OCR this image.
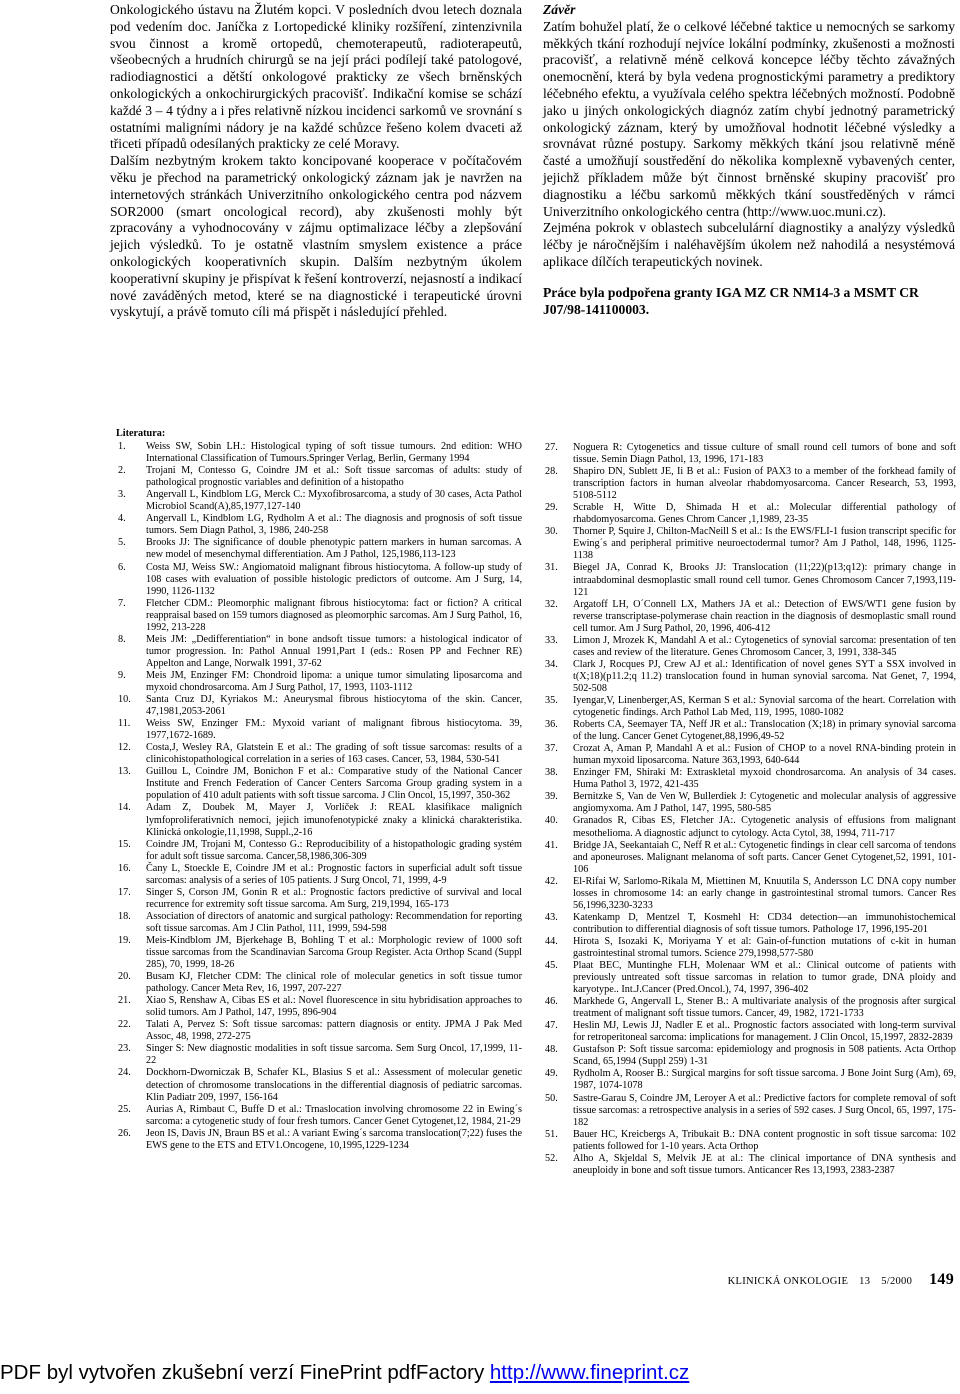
Onkologického ústavu na Žlutém kopci. V posledních dvou letech doznala pod vedením doc. Janíčka z I.ortopedické kliniky rozšíření, zintenzivnila svou činnost a kromě ortopedů, chemoterapeutů, radioterapeutů, všeobecných a hrudních chirurgů se na její práci podílejí také patologové, radiodiagnostici a dětští onkologové prakticky ze všech brněnských onkologických a onkochirurgických pracovišť. Indikační komise se schází každé 3 – 4 týdny a i přes relativně nízkou incidenci sarkomů ve srovnání s ostatními maligními nádory je na každé schůzce řešeno kolem dvaceti až třiceti případů odesílaných prakticky ze celé Moravy.

Dalším nezbytným krokem takto koncipované kooperace v počítačovém věku je přechod na parametrický onkologický záznam jak je navržen na internetových stránkách Univerzitního onkologického centra pod názvem SOR2000 (smart oncological record), aby zkušenosti mohly být zpracovány a vyhodnocovány v zájmu optimalizace léčby a zlepšování jejich výsledků. To je ostatně vlastním smyslem existence a práce onkologických kooperativních skupin. Dalším nezbytným úkolem kooperativní skupiny je přispívat k řešení kontroverzí, nejasností a indikací nové zaváděných metod, které se na diagnostické i terapeutické úrovni vyskytují, a právě tomuto cíli má přispět i následující přehled.

Závěr

Zatím bohužel platí, že o celkové léčebné taktice u nemocných se sarkomy měkkých tkání rozhodují nejvíce lokální podmínky, zkušenosti a možnosti pracovišť, a relativně méně celková koncepce léčby těchto závažných onemocnění, která by byla vedena prognostickými parametry a prediktory léčebného efektu, a využívala celého spektra léčebných možností. Podobně jako u jiných onkologických diagnóz zatím chybí jednotný parametrický onkologický záznam, který by umožňoval hodnotit léčebné výsledky a srovnávat různé postupy. Sarkomy měkkých tkání jsou relativně méně časté a umožňují soustředění do několika komplexně vybavených center, jejichž příkladem může být činnost brněnské skupiny pracovišť pro diagnostiku a léčbu sarkomů měkkých tkání soustředěných v rámci Univerzitního onkologického centra (http://www.uoc.muni.cz).

Zejména pokrok v oblastech subcelulární diagnostiky a analýzy výsledků léčby je náročnějším i naléhavějším úkolem než nahodilá a nesystémová aplikace dílčích terapeutických novinek.

Práce byla podpořena granty IGA MZ CR NM14-3 a MSMT CR J07/98-141100003.

Literatura:

1.	Weiss SW, Sobin LH.: Histological typing of soft tissue tumours. 2nd edition: WHO International Classification of Tumours.Springer Verlag, Berlin, Germany 1994
2.	Trojani M, Contesso G, Coindre JM et al.: Soft tissue sarcomas of adults: study of pathological prognostic variables and definition of a histopatho
3.	Angervall L, Kindblom LG, Merck C.: Myxofibrosarcoma, a study of 30 cases, Acta Pathol Microbiol Scand(A),85,1977,127-140
4.	Angervall L, Kindblom LG, Rydholm A et al.: The diagnosis and prognosis of soft tissue tumors. Sem Diagn Pathol, 3, 1986, 240-258
5.	Brooks JJ: The significance of double phenotypic pattern markers in human sarcomas. A new model of mesenchymal differentiation. Am J Pathol, 125,1986,113-123
6.	Costa MJ, Weiss SW.: Angiomatoid malignant fibrous histiocytoma. A follow-up study of 108 cases with evaluation of possible histologic predictors of outcome. Am J Surg, 14, 1990, 1126-1132
7.	Fletcher CDM.: Pleomorphic malignant fibrous histiocytoma: fact or fiction? A critical reappraisal based on 159 tumors diagnosed as pleomorphic sarcomas. Am J Surg Pathol, 16, 1992, 213-228
8.	Meis JM: „Dedifferentiation“ in bone andsoft tissue tumors: a histological indicator of tumor progression. In: Pathol Annual 1991,Part I (eds.: Rosen PP and Fechner RE) Appelton and Lange, Norwalk 1991, 37-62
9.	Meis JM, Enzinger FM: Chondroid lipoma: a unique tumor simulating liposarcoma and myxoid chondrosarcoma. Am J Surg Pathol, 17, 1993, 1103-1112
10.	Santa Cruz DJ, Kyriakos M.: Aneurysmal fibrous histiocytoma of the skin. Cancer, 47,1981,2053-2061
11.	Weiss SW, Enzinger FM.: Myxoid variant of malignant fibrous histiocytoma. 39, 1977,1672-1689.
12.	Costa,J, Wesley RA, Glatstein E et al.: The grading of soft tissue sarcomas: results of a clinicohistopathological correlation in a series of 163 cases. Cancer, 53, 1984, 530-541
13.	Guillou L, Coindre JM, Bonichon F et al.: Comparative study of the National Cancer Institute and French Federation of Cancer Centers Sarcoma Group grading system in a population of 410 adult patients with soft tissue sarcoma. J Clin Oncol, 15,1997, 350-362
14.	Adam Z, Doubek M, Mayer J, Vorlíček J: REAL klasifikace maligních lymfoproliferativních nemocí, jejich imunofenotypické znaky a klinická charakteristika. Klinická onkologie,11,1998, Suppl.,2-16
15.	Coindre JM, Trojani M, Contesso G.: Reproducibility of a histopathologic grading systém for adult soft tissue sarcoma. Cancer,58,1986,306-309
16.	Čany L, Stoeckle E, Coindre JM et al.: Prognostic factors in superficial adult soft tissue sarcomas: analysis of a series of 105 patients. J Surg Oncol, 71, 1999, 4-9
17.	Singer S, Corson JM, Gonin R et al.: Prognostic factors predictive of survival and local recurrence for extremity soft tissue sarcoma. Am Surg, 219,1994, 165-173
18.	Association of directors of anatomic and surgical pathology: Recommendation for reporting soft tissue sarcomas. Am J Clin Pathol, 111, 1999, 594-598
19.	Meis-Kindblom JM, Bjerkehage B, Bohling T et al.: Morphologic review of 1000 soft tissue sarcomas from the Scandinavian Sarcoma Group Register. Acta Orthop Scand (Suppl 285), 70, 1999, 18-26
20.	Busam KJ, Fletcher CDM: The clinical role of molecular genetics in soft tissue tumor pathology. Cancer Meta Rev, 16, 1997, 207-227
21.	Xiao S, Renshaw A, Cibas ES et al.: Novel fluorescence in situ hybridisation approaches to solid tumors. Am J Pathol, 147, 1995, 896-904
22.	Talati A, Pervez S: Soft tissue sarcomas: pattern diagnosis or entity. JPMA J Pak Med Assoc, 48, 1998, 272-275
23.	Singer S: New diagnostic modalities in soft tissue sarcoma. Sem Surg Oncol, 17,1999, 11-22
24.	Dockhorn-Dworniczak B, Schafer KL, Blasius S et al.: Assessment of molecular genetic detection of chromosome translocations in the differential diagnosis of pediatric sarcomas. Klin Padiatr 209, 1997, 156-164
25.	Aurias A, Rimbaut C, Buffe D et al.: Trnaslocation involving chromosome 22 in Ewing´s sarcoma: a cytogenetic study of four fresh tumors. Cancer Genet Cytogenet,12, 1984, 21-29
26.	Jeon IS, Davis JN, Braun BS et al.: A variant Ewing´s sarcoma translocation(7;22) fuses the EWS gene to the ETS and ETV1.Oncogene, 10,1995,1229-1234
27.	Noguera R: Cytogenetics and tissue culture of small round cell tumors of bone and soft tissue. Semin Diagn Pathol, 13, 1996, 171-183
28.	Shapiro DN, Sublett JE, Ii B et al.: Fusion of PAX3 to a member of the forkhead family of transcription factors in human alveolar rhabdomyosarcoma. Cancer Research, 53, 1993, 5108-5112
29.	Scrable H, Witte D, Shimada H et al.: Molecular differential pathology of rhabdomyosarcoma. Genes Chrom Cancer ,1,1989, 23-35
30.	Thorner P, Squire J, Chilton-MacNeill S et al.: Is the EWS/FLI-1 fusion transcript specific for Ewing´s and peripheral primitive neuroectodermal tumor? Am J Pathol, 148, 1996, 1125-1138
31.	Biegel JA, Conrad K, Brooks JJ: Translocation (11;22)(p13;q12): primary change in intraabdominal desmoplastic small round cell tumor. Genes Chromosom Cancer 7,1993,119-121
32.	Argatoff LH, O´Connell LX, Mathers JA et al.: Detection of EWS/WT1 gene fusion by reverse transcriptase-polymerase chain reaction in the diagnosis of desmoplastic small round cell tumor. Am J Surg Pathol, 20, 1996, 406-412
33.	Limon J, Mrozek K, Mandahl A et al.: Cytogenetics of synovial sarcoma: presentation of ten cases and review of the literature. Genes Chromosom Cancer, 3, 1991, 338-345
34.	Clark J, Rocques PJ, Crew AJ et al.: Identification of novel genes SYT a SSX involved in t(X;18)(p11.2;q 11.2) translocation found in human synovial sarcoma. Nat Genet, 7, 1994, 502-508
35.	Iyengar,V, Linenberger,AS, Kerman S et al.: Synovial sarcoma of the heart. Correlation with cytogenetic findings. Arch Pathol Lab Med, 119, 1995, 1080-1082
36.	Roberts CA, Seemayer TA, Neff JR et al.: Translocation (X;18) in primary synovial sarcoma of the lung. Cancer Genet Cytogenet,88,1996,49-52
37.	Crozat A, Aman P, Mandahl A et al.: Fusion of CHOP to a novel RNA-binding protein in human myxoid liposarcoma. Nature 363,1993, 640-644
38.	Enzinger FM, Shiraki M: Extraskletal myxoid chondrosarcoma. An analysis of 34 cases. Huma Pathol 3, 1972, 421-435
39.	Bernitzke S, Van de Ven W, Bullerdiek J: Cytogenetic and molecular analysis of aggressive angiomyxoma. Am J Pathol, 147, 1995, 580-585
40.	Granados R, Cibas ES, Fletcher JA:. Cytogenetic analysis of effusions from malignant mesothelioma. A diagnostic adjunct to cytology. Acta Cytol, 38, 1994, 711-717
41.	Bridge JA, Seekantaiah C, Neff R et al.: Cytogenetic findings in clear cell sarcoma of tendons and aponeuroses. Malignant melanoma of soft parts. Cancer Genet Cytogenet,52, 1991, 101-106
42.	El-Rifai W, Sarlomo-Rikala M, Miettinen M, Knuutila S, Andersson LC DNA copy number losses in chromosome 14: an early change in gastrointestinal stromal tumors. Cancer Res 56,1996,3230-3233
43.	Katenkamp D, Mentzel T, Kosmehl H: CD34 detection—an immunohistochemical contribution to differential diagnosis of soft tissue tumors. Pathologe 17, 1996,195-201
44.	Hirota S, Isozaki K, Moriyama Y et al: Gain-of-function mutations of c-kit in human gastrointestinal stromal tumors. Science 279,1998,577-580
45.	Plaat BEC, Muntinghe FLH, Molenaar WM et al.: Clinical outcome of patients with previously untreated soft tissue sarcomas in relation to tumor grade, DNA ploidy and karyotype.. Int.J.Cancer (Pred.Oncol.), 74, 1997, 396-402
46.	Markhede G, Angervall L, Stener B.: A multivariate analysis of the prognosis after surgical treatment of malignant soft tissue tumors. Cancer, 49, 1982, 1721-1733
47.	Heslin MJ, Lewis JJ, Nadler E et al.. Prognostic factors associated with long-term survival for retroperitoneal sarcoma: implications for management. J Clin Oncol, 15,1997, 2832-2839
48.	Gustafson P: Soft tissue sarcoma: epidemiology and prognosis in 508 patients. Acta Orthop Scand, 65,1994 (Suppl 259) 1-31
49.	Rydholm A, Rooser B.: Surgical margins for soft tissue sarcoma. J Bone Joint Surg (Am), 69, 1987, 1074-1078
50.	Sastre-Garau S, Coindre JM, Leroyer A et al.: Predictive factors for complete removal of soft tissue sarcomas: a retrospective analysis in a series of 592 cases. J Surg Oncol, 65, 1997, 175-182
51.	Bauer HC, Kreicbergs A, Tribukait B.: DNA content prognostic in soft tissue sarcoma: 102 patients followed for 1-10 years. Acta Orthop
52.	Alho A, Skjeldal S, Melvik JE at al.: The clinical importance of DNA synthesis and aneuploidy in bone and soft tissue tumors. Anticancer Res 13,1993, 2383-2387
KLINICKÁ ONKOLOGIE 13 5/2000 149
PDF byl vytvořen zkušební verzí FinePrint pdfFactory http://www.fineprint.cz
